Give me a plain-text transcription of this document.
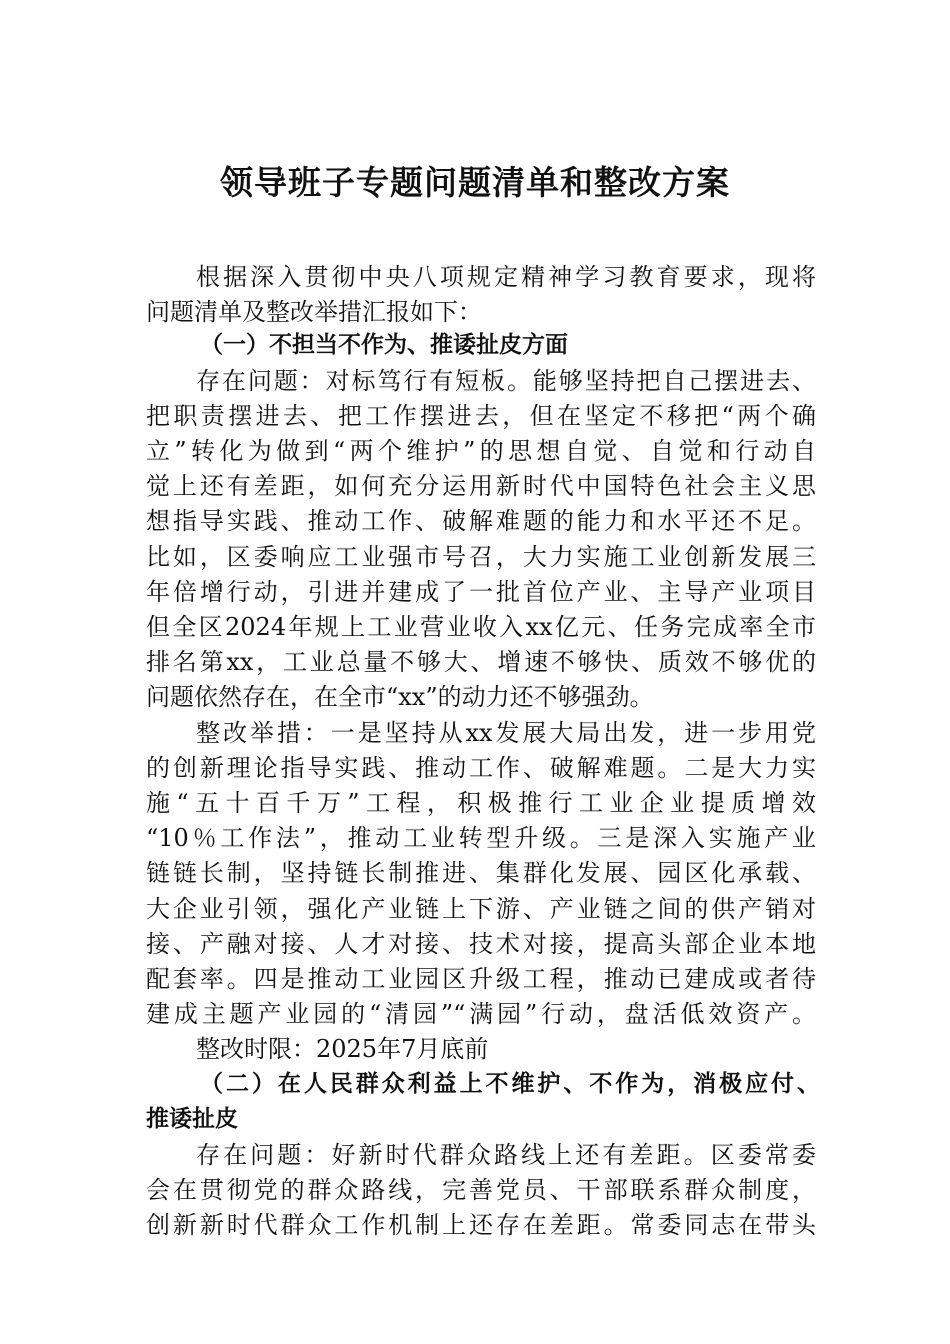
领导班子专题问题清单和整改方案
根据深入贯彻中央八项规定精神学习教育要求，现将
问题清单及整改举措汇报如下：
（一）不担当不作为、推诿扯皮方面
存在问题：对标笃行有短板。能够坚持把自己摆进去、
把职责摆进去、把工作摆进去，但在坚定不移把“两个确
立”转化为做到“两个维护”的思想自觉、自觉和行动自
觉上还有差距，如何充分运用新时代中国特色社会主义思
想指导实践、推动工作、破解难题的能力和水平还不足。
比如，区委响应工业强市号召，大力实施工业创新发展三
年倍增行动，引进并建成了一批首位产业、主导产业项目
但全区2024年规上工业营业收入xx亿元、任务完成率全市
排名第xx，工业总量不够大、增速不够快、质效不够优的
问题依然存在，在全市“xx”的动力还不够强劲。
整改举措：一是坚持从xx发展大局出发，进一步用党
的创新理论指导实践、推动工作、破解难题。二是大力实
施“五十百千万”工程，积极推行工业企业提质增效
“10％工作法”，推动工业转型升级。三是深入实施产业
链链长制，坚持链长制推进、集群化发展、园区化承载、
大企业引领，强化产业链上下游、产业链之间的供产销对
接、产融对接、人才对接、技术对接，提高头部企业本地
配套率。四是推动工业园区升级工程，推动已建成或者待
建成主题产业园的“清园”“满园”行动，盘活低效资产。
整改时限：2025年7月底前
（二）在人民群众利益上不维护、不作为，消极应付、
推诿扯皮
存在问题：好新时代群众路线上还有差距。区委常委
会在贯彻党的群众路线，完善党员、干部联系群众制度，
创新新时代群众工作机制上还存在差距。常委同志在带头
